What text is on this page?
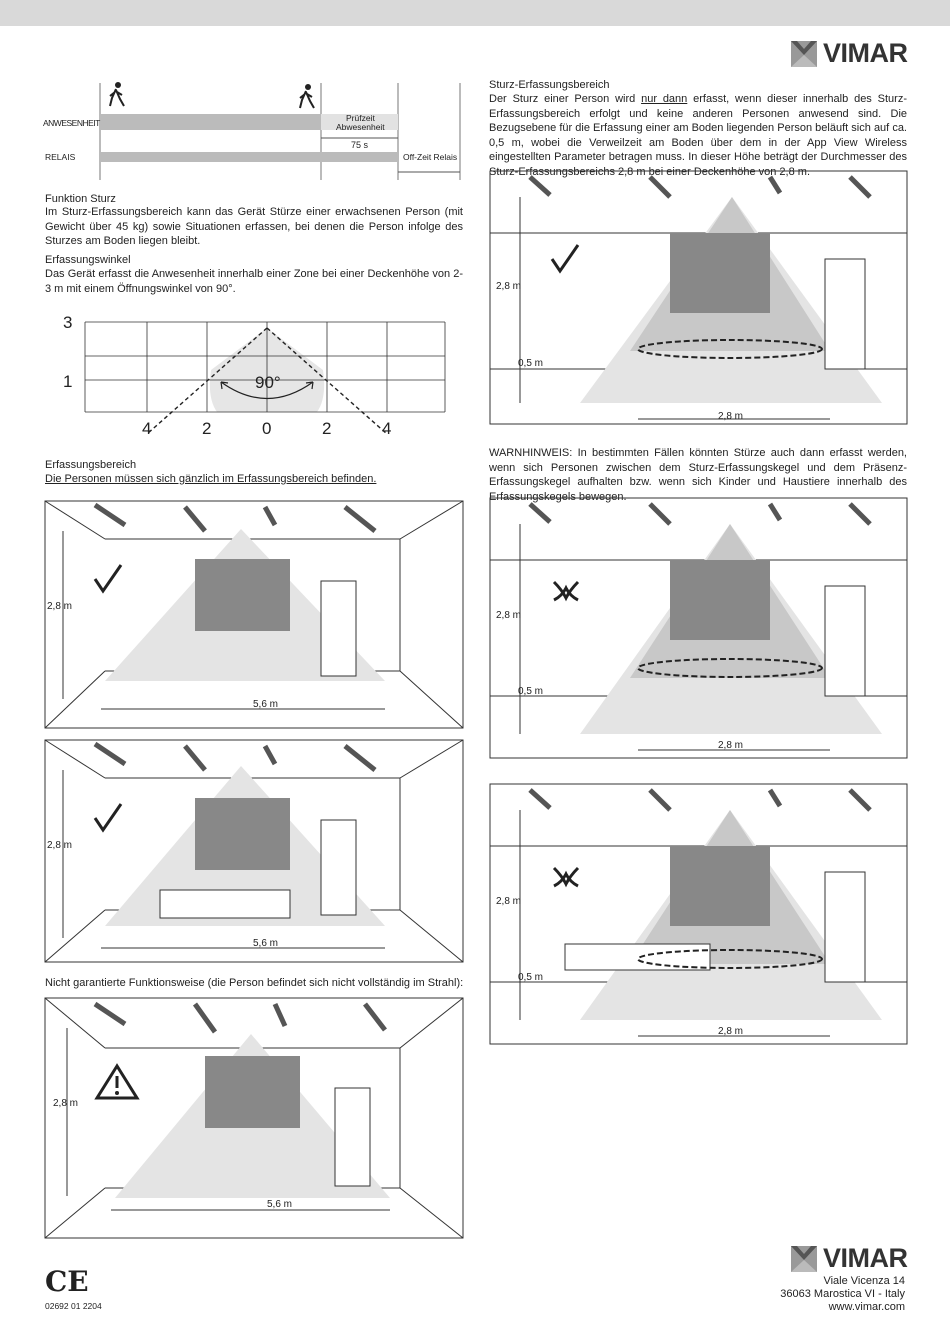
VIMAR
ANWESENHEIT
RELAIS
Prüfzeit
Abwesenheit
75 s
Off-Zeit Relais
Sturz-Erfassungsbereich
Der Sturz einer Person wird nur dann erfasst, wenn dieser innerhalb des Sturz-Erfassungsbereich erfolgt und keine anderen Personen anwesend sind. Die Bezugsebene für die Erfassung einer am Boden liegenden Person beläuft sich auf ca. 0,5 m, wobei die Verweilzeit am Boden über dem in der App View Wireless eingestellten Parameter betragen muss. In dieser Höhe beträgt der Durchmesser des Sturz-Erfassungsbereichs 2,8 m bei einer Deckenhöhe von 2,8 m.
Funktion Sturz
Im Sturz-Erfassungsbereich kann das Gerät Stürze einer erwachsenen Person (mit Gewicht über 45 kg) sowie Situationen erfassen, bei denen die Person infolge des Sturzes am Boden liegen bleibt.
Erfassungswinkel
Das Gerät erfasst die Anwesenheit innerhalb einer Zone bei einer Deckenhöhe von 2-3 m mit einem Öffnungswinkel von 90°.
90°
3
1
4	2	0	2	4
Erfassungsbereich
Die Personen müssen sich gänzlich im Erfassungsbereich befinden.
WARNHINWEIS: In bestimmten Fällen könnten Stürze auch dann erfasst werden, wenn sich Personen zwischen dem Sturz-Erfassungskegel und dem Präsenz-Erfassungskegel aufhalten bzw. wenn sich Kinder und Haustiere innerhalb des Erfassungskegels bewegen.
Nicht garantierte Funktionsweise (die Person befindet sich nicht vollständig im Strahl):
2,8 m
5,6 m
2,8 m
5,6 m
2,8 m
5,6 m
2,8 m
0,5 m
2,8 m
2,8 m
0,5 m
2,8 m
2,8 m
0,5 m
2,8 m
CE
02692 01 2204
VIMAR
Viale Vicenza 14
36063 Marostica VI - Italy
www.vimar.com
